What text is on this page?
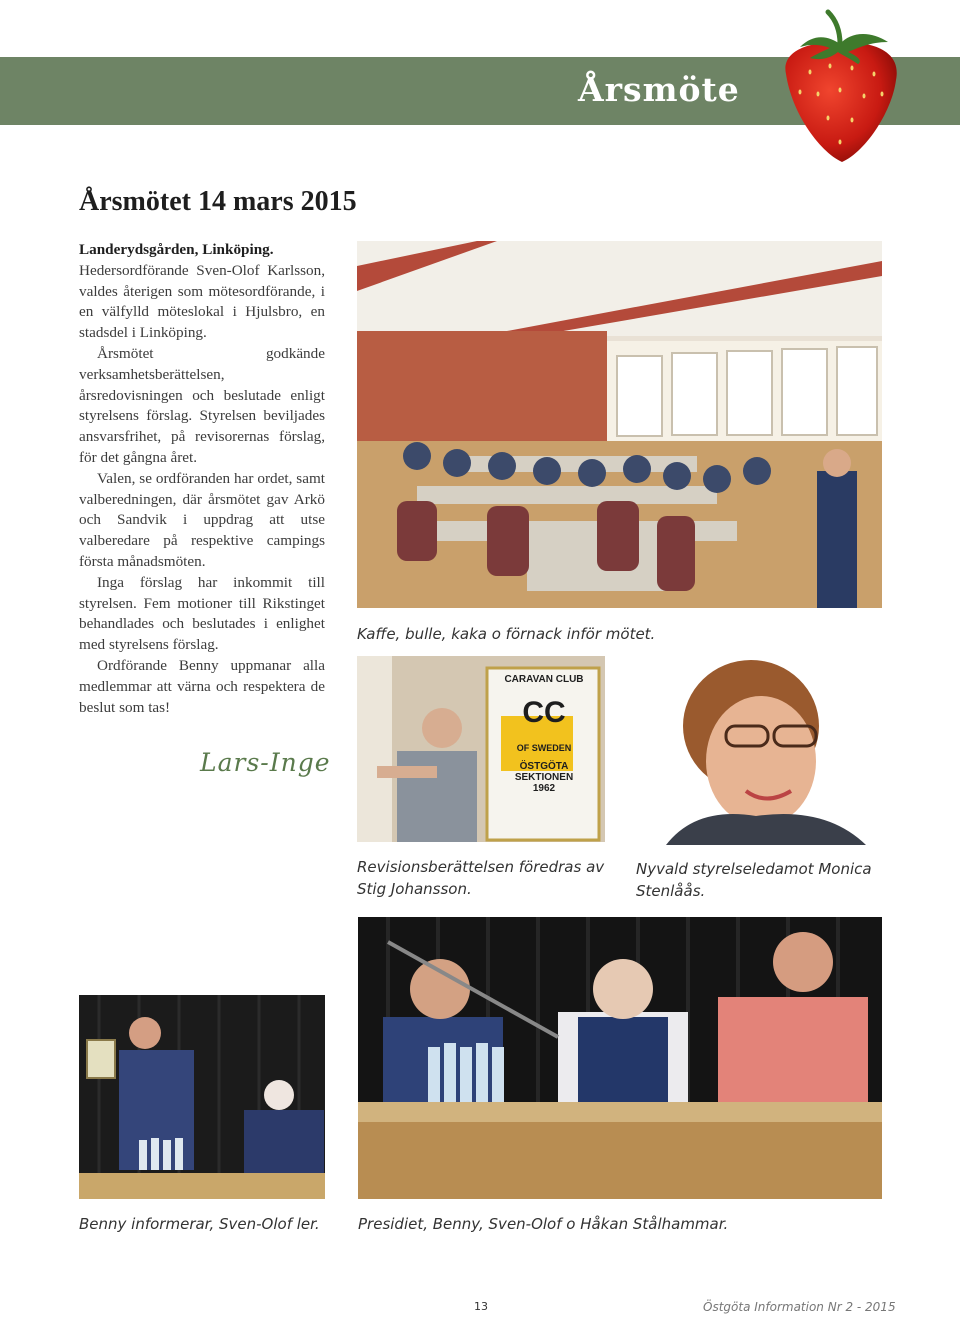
Årsmöte
Årsmötet 14 mars 2015

Landerydsgården, Linköping.

Hedersordförande Sven-Olof Karlsson, valdes återigen som mötesordförande, i en välfylld möteslokal i Hjulsbro, en stadsdel i Linköping.

Årsmötet godkände verksamhetsberättelsen, årsredovisningen och beslutade enligt styrelsens förslag. Styrelsen beviljades ansvarsfrihet, på revisorernas förslag, för det gångna året.

Valen, se ordföranden har ordet, samt valberedningen, där årsmötet gav Arkö och Sandvik i uppdrag att utse valberedare på respektive campings första månadsmöten.

Inga förslag har inkommit till styrelsen. Fem motioner till Rikstinget behandlades och beslutades i enlighet med styrelsens förslag.

Ordförande Benny uppmanar alla medlemmar att värna och respektera de beslut som tas!

Lars-Inge
Kaffe, bulle, kaka o förnack inför mötet.
CARAVAN CLUB
CC
OF SWEDEN
ÖSTGÖTA
SEKTIONEN
1962
Revisionsberättelsen föredras av Stig Johansson.
Nyvald styrelseledamot Monica Stenlåås.
Benny informerar, Sven-Olof ler.	Presidiet, Benny, Sven-Olof o Håkan Stålhammar.
13	Östgöta Information Nr 2 - 2015
